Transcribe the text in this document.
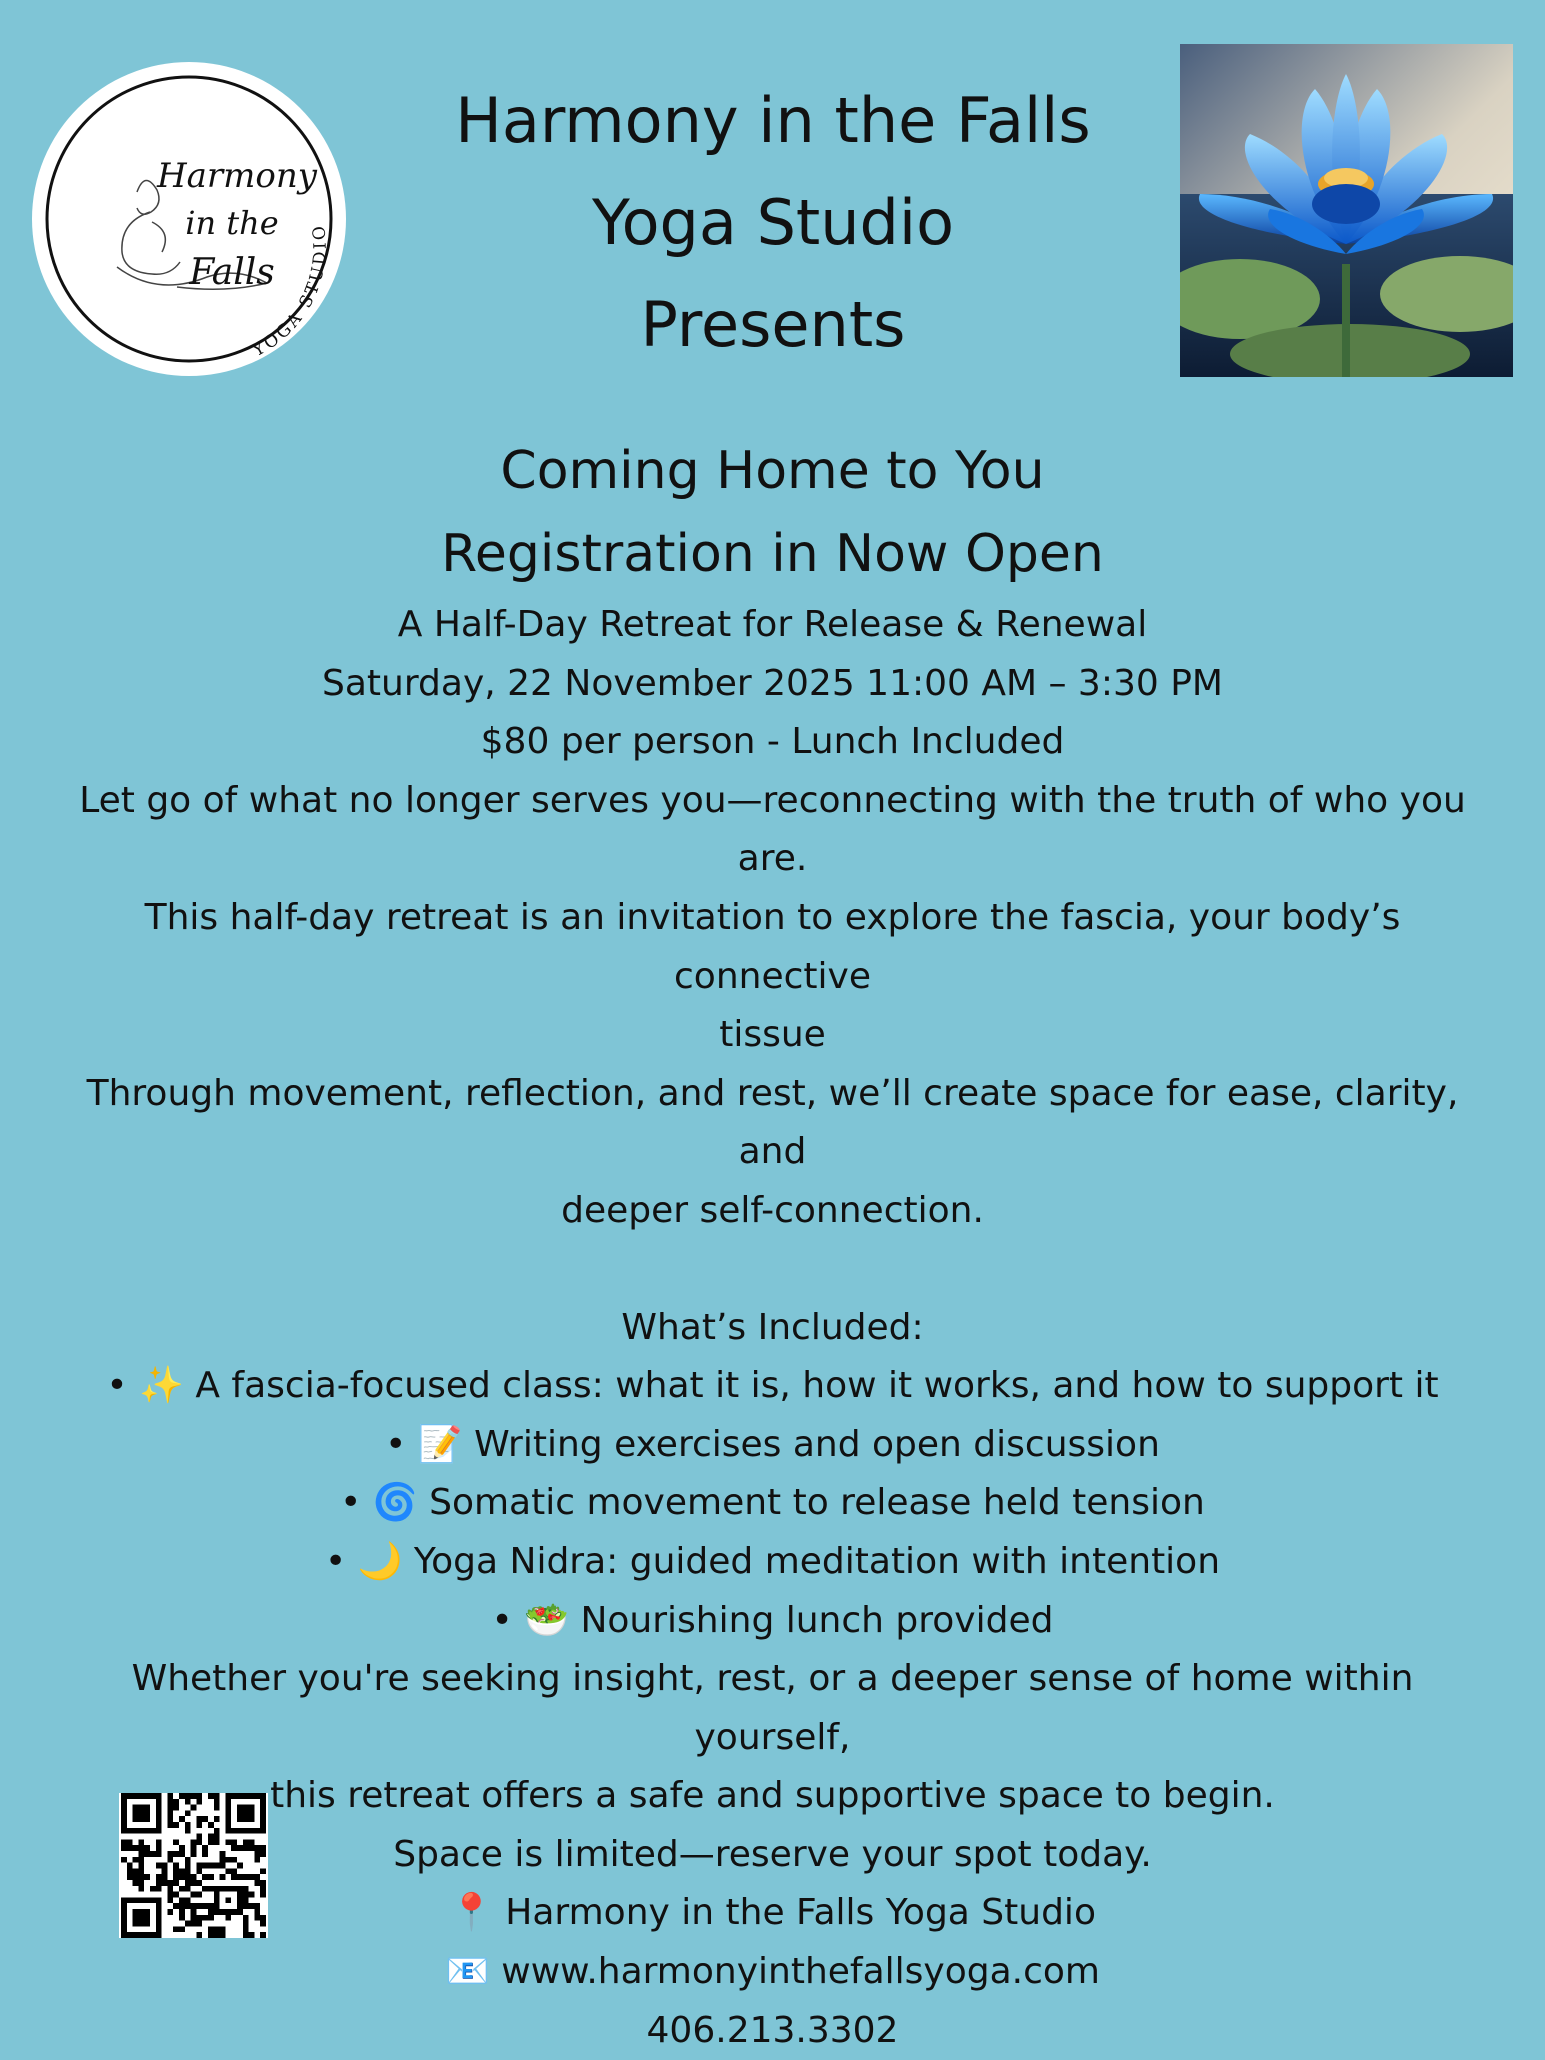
Harmony
in the
Falls
YOGA STUDIO
Harmony in the Falls
Yoga Studio
Presents
Coming Home to You
Registration in Now Open
A Half-Day Retreat for Release & Renewal
Saturday, 22 November 2025 11:00 AM – 3:30 PM
$80 per person - Lunch Included
Let go of what no longer serves you—reconnecting with the truth of who you are.
This half-day retreat is an invitation to explore the fascia, your body’s connective
tissue
Through movement, reflection, and rest, we’ll create space for ease, clarity, and
deeper self-connection.
What’s Included:
• ✨ A fascia-focused class: what it is, how it works, and how to support it
• 📝 Writing exercises and open discussion
• 🌀 Somatic movement to release held tension
• 🌙 Yoga Nidra: guided meditation with intention
• 🥗 Nourishing lunch provided
Whether you're seeking insight, rest, or a deeper sense of home within yourself,
this retreat offers a safe and supportive space to begin.
Space is limited—reserve your spot today.
📍 Harmony in the Falls Yoga Studio
📧 www.harmonyinthefallsyoga.com
406.213.3302
